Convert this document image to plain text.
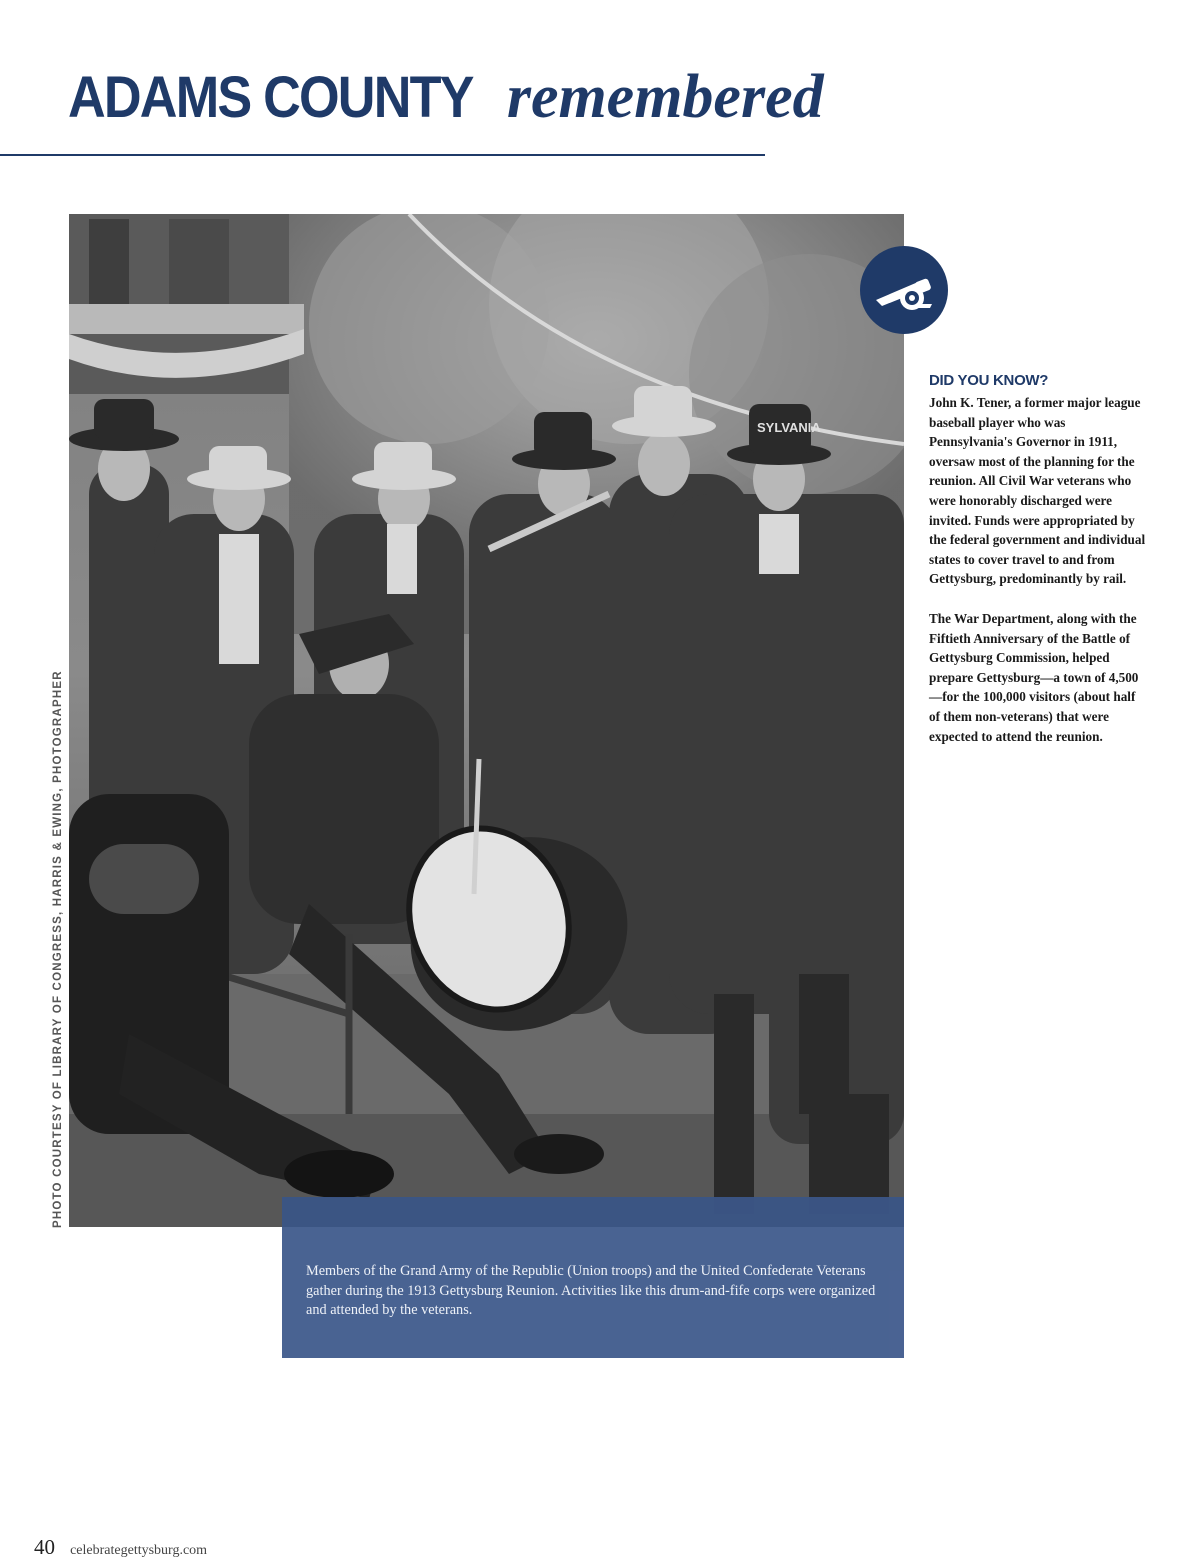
ADAMS COUNTY remembered
SYLVANIA
PHOTO COURTESY OF LIBRARY OF CONGRESS, HARRIS & EWING, PHOTOGRAPHER

Members of the Grand Army of the Republic (Union troops) and the United Confederate Veterans gather during the 1913 Gettysburg Reunion. Activities like this drum-and-fife corps were organized and attended by the veterans.

DID YOU KNOW?

John K. Tener, a former major league baseball player who was Pennsylvania's Governor in 1911, oversaw most of the planning for the reunion. All Civil War veterans who were honorably discharged were invited. Funds were appropriated by the federal government and individual states to cover travel to and from Gettysburg, predominantly by rail.

The War Department, along with the Fiftieth Anniversary of the Battle of Gettysburg Commission, helped prepare Gettysburg—a town of 4,500—for the 100,000 visitors (about half of them non-veterans) that were expected to attend the reunion.

40 celebrategettysburg.com
